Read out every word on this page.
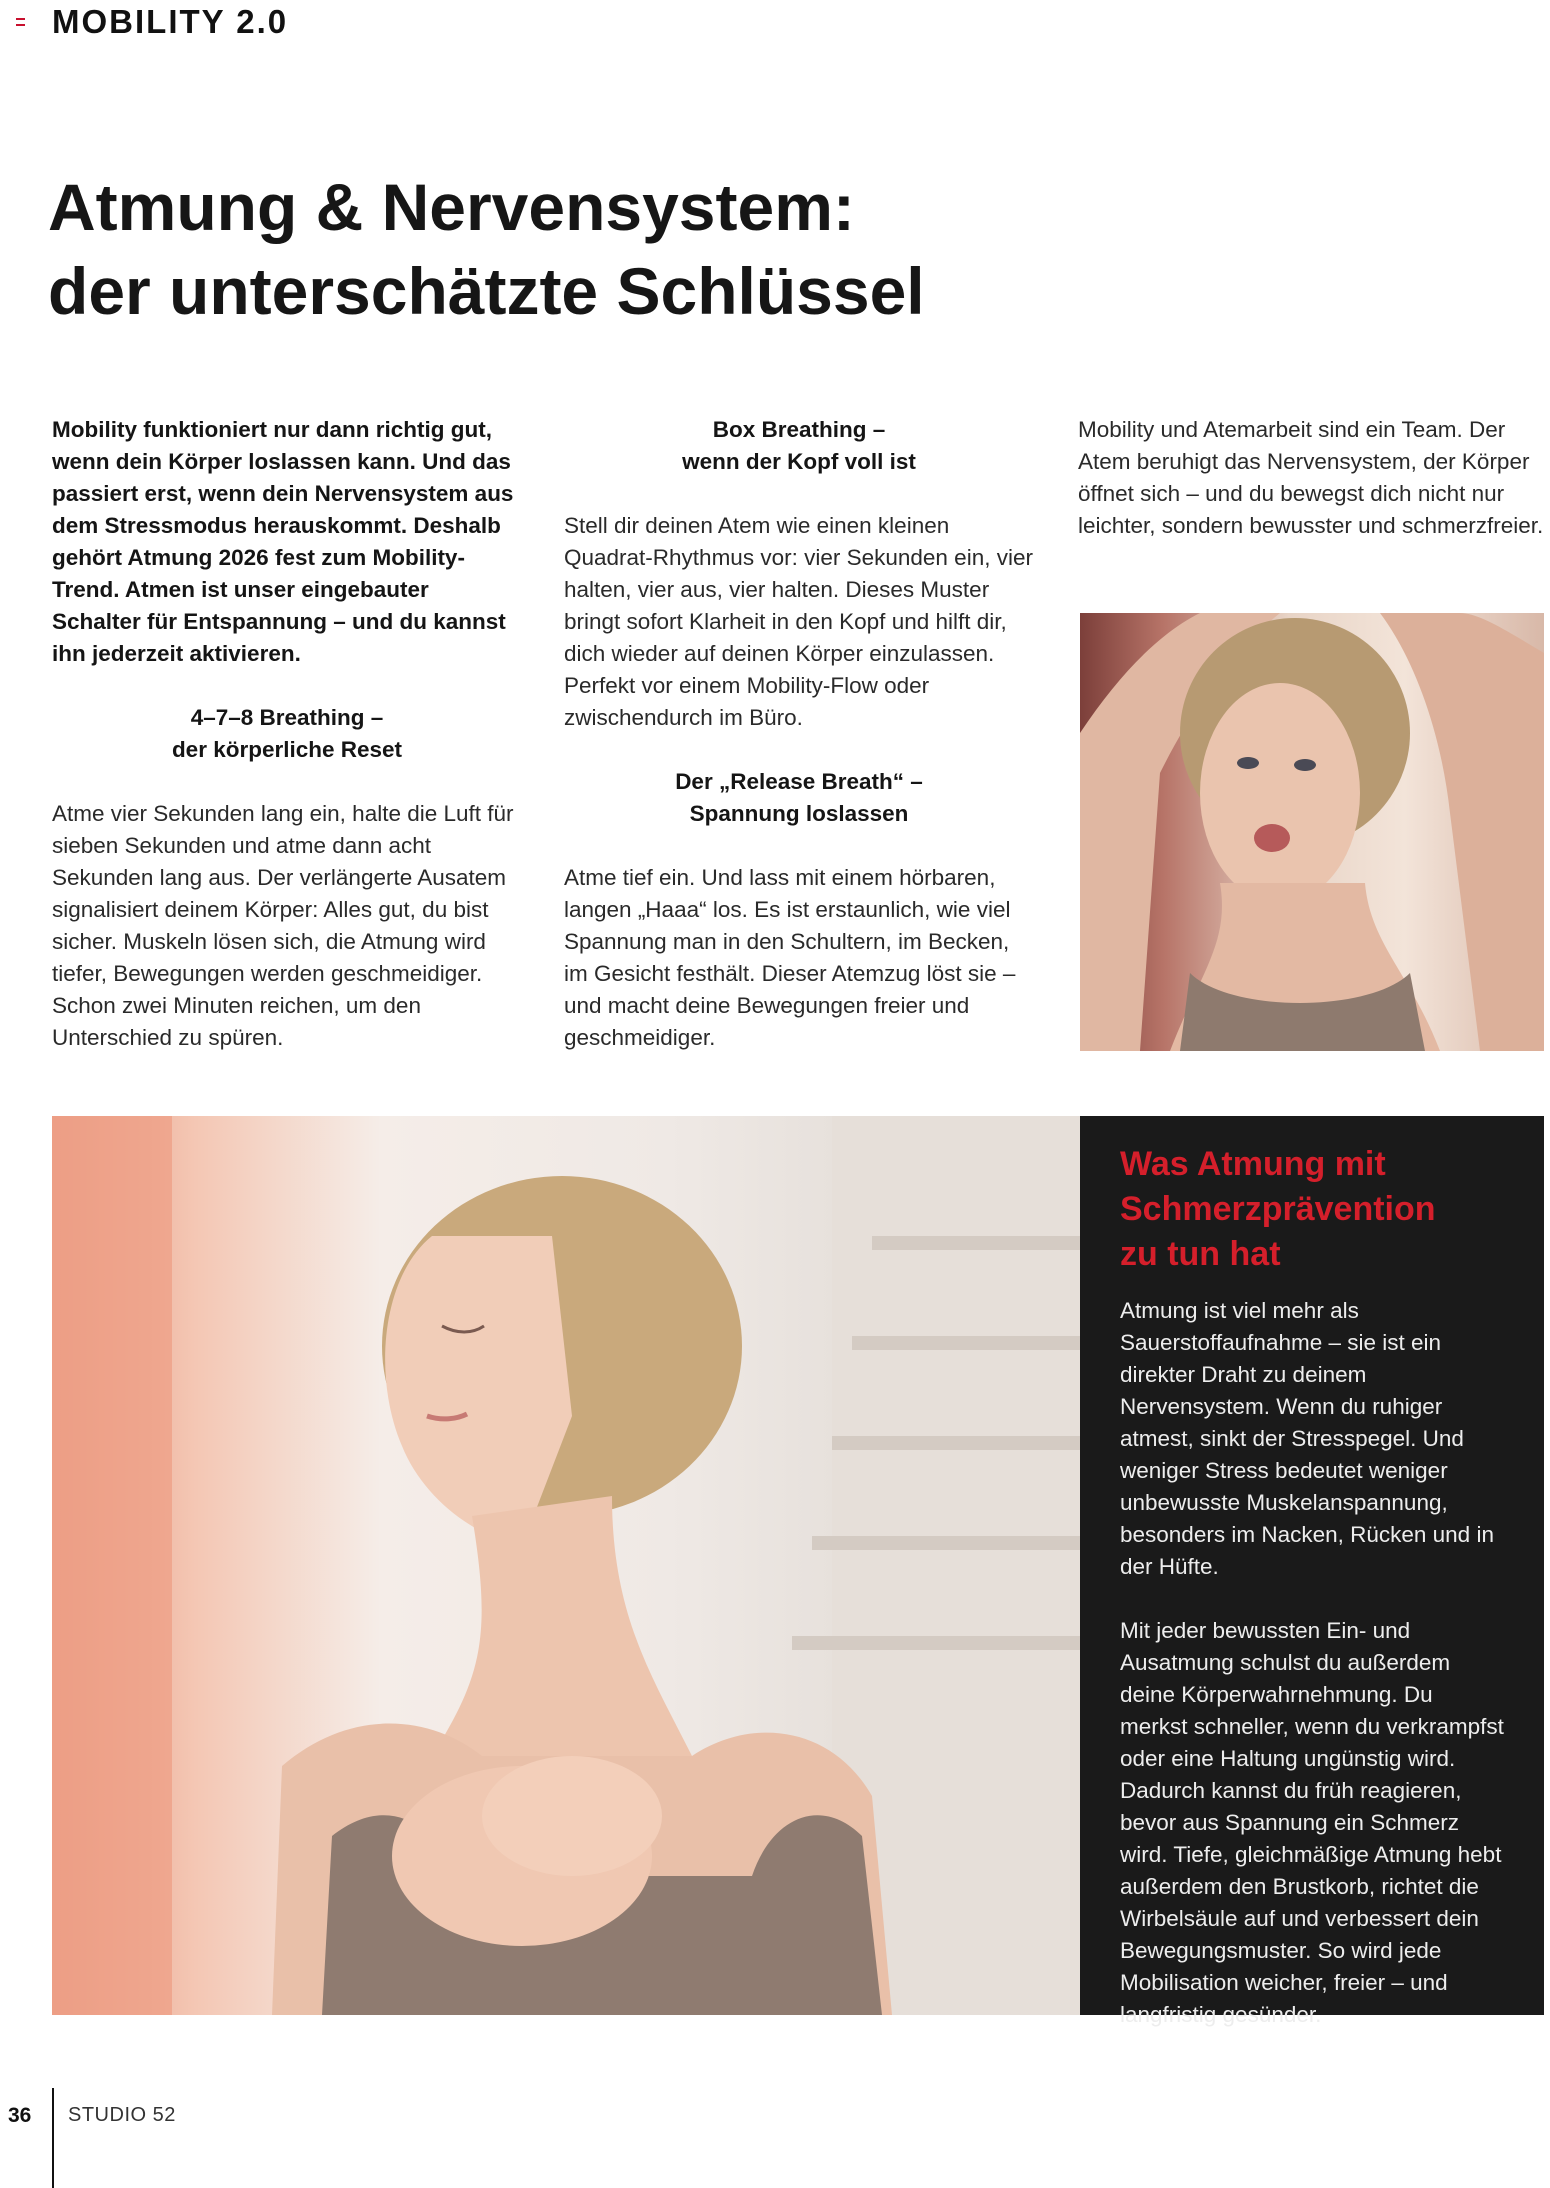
MOBILITY 2.0
Atmung & Nervensystem:
der unterschätzte Schlüssel

Mobility funktioniert nur dann richtig gut, wenn dein Körper loslassen kann. Und das passiert erst, wenn dein Nervensystem aus dem Stressmodus herauskommt. Deshalb gehört Atmung 2026 fest zum Mobility-Trend. Atmen ist unser eingebauter Schalter für Entspannung – und du kannst ihn jederzeit aktivieren.

4–7–8 Breathing –
der körperliche Reset

Atme vier Sekunden lang ein, halte die Luft für sieben Sekunden und atme dann acht Sekunden lang aus. Der verlängerte Ausatem signalisiert deinem Körper: Alles gut, du bist sicher. Muskeln lösen sich, die Atmung wird tiefer, Bewegungen werden geschmeidiger. Schon zwei Minuten reichen, um den Unterschied zu spüren.

Box Breathing –
wenn der Kopf voll ist

Stell dir deinen Atem wie einen kleinen Quadrat-Rhythmus vor: vier Sekunden ein, vier halten, vier aus, vier halten. Dieses Muster bringt sofort Klarheit in den Kopf und hilft dir, dich wieder auf deinen Körper einzulassen. Perfekt vor einem Mobility-Flow oder zwischendurch im Büro.

Der „Release Breath“ –
Spannung loslassen

Atme tief ein. Und lass mit einem hörbaren, langen „Haaa“ los. Es ist erstaunlich, wie viel Spannung man in den Schultern, im Becken, im Gesicht festhält. Dieser Atemzug löst sie – und macht deine Bewegungen freier und geschmeidiger.

Mobility und Atemarbeit sind ein Team. Der Atem beruhigt das Nervensystem, der Körper öffnet sich – und du bewegst dich nicht nur leichter, sondern bewusster und schmerzfreier.

Was Atmung mit
Schmerzprävention
zu tun hat

Atmung ist viel mehr als Sauerstoffaufnahme – sie ist ein direkter Draht zu deinem Nervensystem. Wenn du ruhiger atmest, sinkt der Stresspegel. Und weniger Stress bedeutet weniger unbewusste Muskelanspannung, besonders im Nacken, Rücken und in der Hüfte.

Mit jeder bewussten Ein- und Ausatmung schulst du außerdem deine Körperwahrnehmung. Du merkst schneller, wenn du verkrampfst oder eine Haltung ungünstig wird. Dadurch kannst du früh reagieren, bevor aus Spannung ein Schmerz wird. Tiefe, gleichmäßige Atmung hebt außerdem den Brustkorb, richtet die Wirbelsäule auf und verbessert dein Bewegungsmuster. So wird jede Mobilisation weicher, freier – und langfristig gesünder.

36 STUDIO 52
